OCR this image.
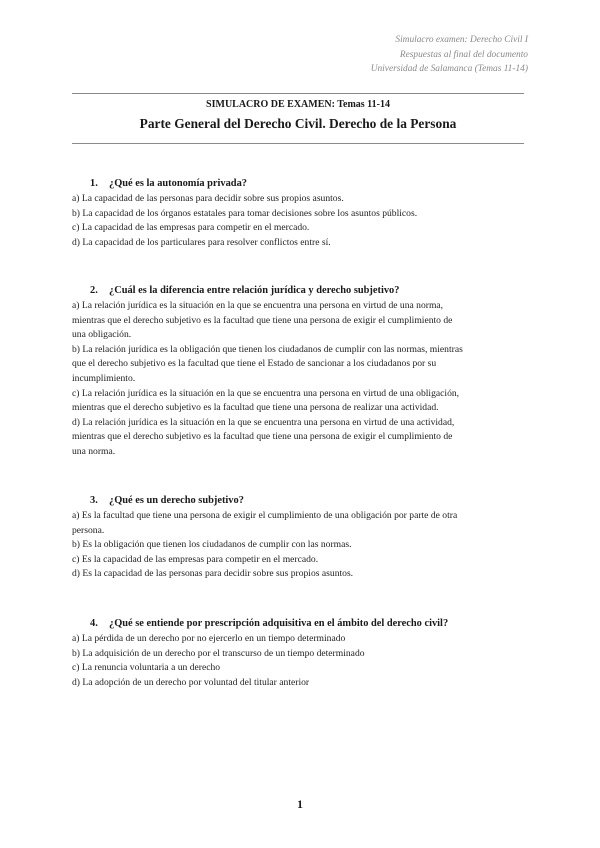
Simulacro examen: Derecho Civil I
Respuestas al final del documento
Universidad de Salamanca (Temas 11-14)
SIMULACRO DE EXAMEN: Temas 11-14
Parte General del Derecho Civil. Derecho de la Persona
1. ¿Qué es la autonomía privada?
a) La capacidad de las personas para decidir sobre sus propios asuntos.
b) La capacidad de los órganos estatales para tomar decisiones sobre los asuntos públicos.
c) La capacidad de las empresas para competir en el mercado.
d) La capacidad de los particulares para resolver conflictos entre sí.
2. ¿Cuál es la diferencia entre relación jurídica y derecho subjetivo?
a) La relación jurídica es la situación en la que se encuentra una persona en virtud de una norma,
mientras que el derecho subjetivo es la facultad que tiene una persona de exigir el cumplimiento de
una obligación.
b) La relación jurídica es la obligación que tienen los ciudadanos de cumplir con las normas, mientras
que el derecho subjetivo es la facultad que tiene el Estado de sancionar a los ciudadanos por su
incumplimiento.
c) La relación jurídica es la situación en la que se encuentra una persona en virtud de una obligación,
mientras que el derecho subjetivo es la facultad que tiene una persona de realizar una actividad.
d) La relación jurídica es la situación en la que se encuentra una persona en virtud de una actividad,
mientras que el derecho subjetivo es la facultad que tiene una persona de exigir el cumplimiento de
una norma.
3. ¿Qué es un derecho subjetivo?
a) Es la facultad que tiene una persona de exigir el cumplimiento de una obligación por parte de otra
persona.
b) Es la obligación que tienen los ciudadanos de cumplir con las normas.
c) Es la capacidad de las empresas para competir en el mercado.
d) Es la capacidad de las personas para decidir sobre sus propios asuntos.
4. ¿Qué se entiende por prescripción adquisitiva en el ámbito del derecho civil?
a) La pérdida de un derecho por no ejercerlo en un tiempo determinado
b) La adquisición de un derecho por el transcurso de un tiempo determinado
c) La renuncia voluntaria a un derecho
d) La adopción de un derecho por voluntad del titular anterior
1
